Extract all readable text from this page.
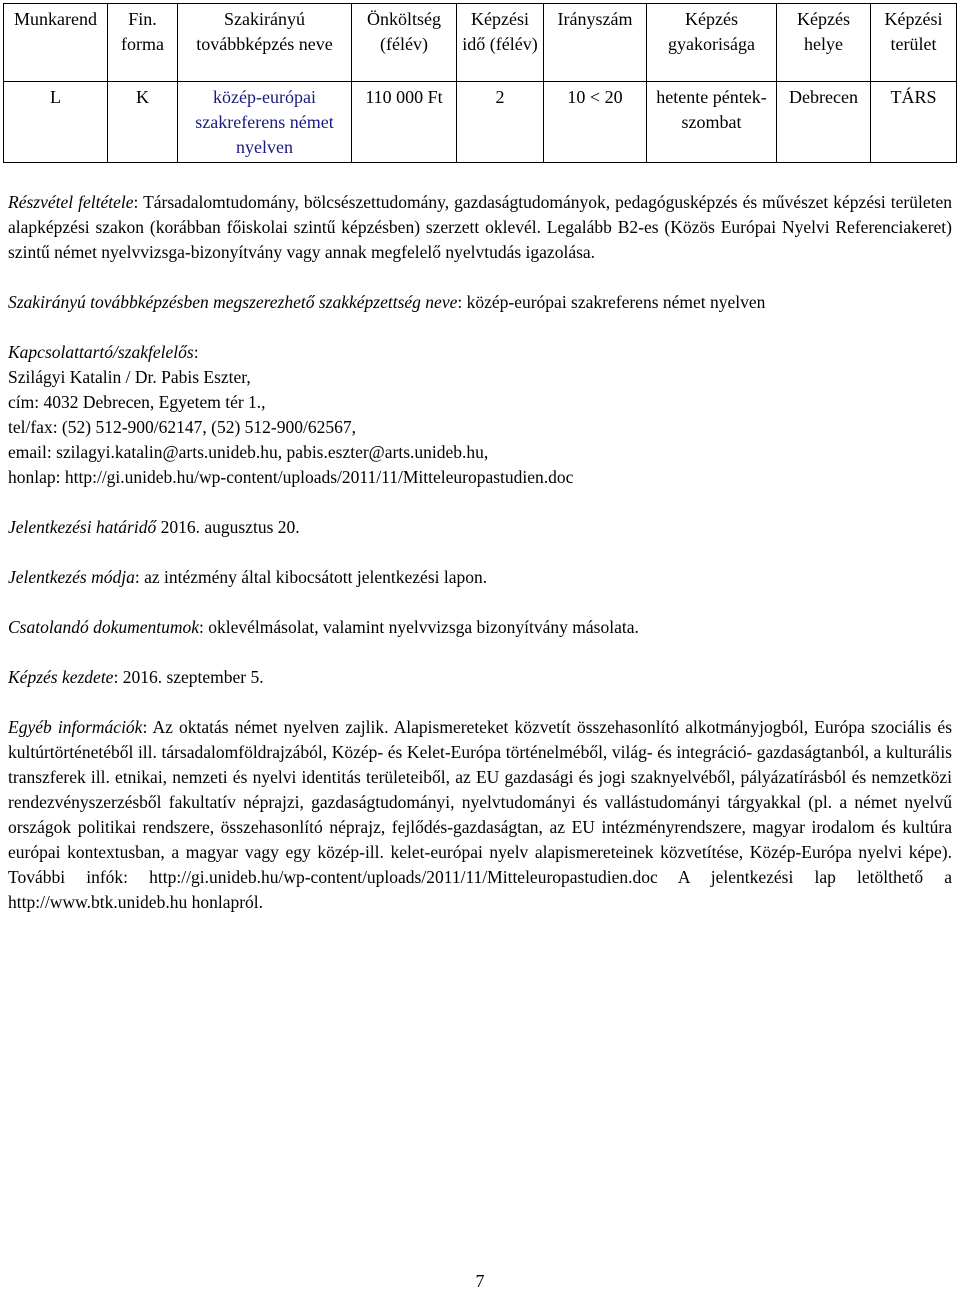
Munkarend	Fin. forma	Szakirányú továbbképzés neve	Önköltség (félév)	Képzési idő (félév)	Irányszám	Képzés gyakorisága	Képzés helye	Képzési terület
L	K	közép-európai szakreferens német nyelven	110 000 Ft	2	10 < 20	hetente péntek-szombat	Debrecen	TÁRS

Részvétel feltétele: Társadalomtudomány, bölcsészettudomány, gazdaságtudományok, pedagógusképzés és művészet képzési területen alapképzési szakon (korábban főiskolai szintű képzésben) szerzett oklevél. Legalább B2-es (Közös Európai Nyelvi Referenciakeret) szintű német nyelvvizsga-bizonyítvány vagy annak megfelelő nyelvtudás igazolása.

Szakirányú továbbképzésben megszerezhető szakképzettség neve: közép-európai szakreferens német nyelven

Kapcsolattartó/szakfelelős:

Szilágyi Katalin / Dr. Pabis Eszter,

cím: 4032 Debrecen, Egyetem tér 1.,

tel/fax: (52) 512-900/62147, (52) 512-900/62567,

email: szilagyi.katalin@arts.unideb.hu, pabis.eszter@arts.unideb.hu,

honlap: http://gi.unideb.hu/wp-content/uploads/2011/11/Mitteleuropastudien.doc

Jelentkezési határidő 2016. augusztus 20.

Jelentkezés módja: az intézmény által kibocsátott jelentkezési lapon.

Csatolandó dokumentumok: oklevélmásolat, valamint nyelvvizsga bizonyítvány másolata.

Képzés kezdete: 2016. szeptember 5.

Egyéb információk: Az oktatás német nyelven zajlik. Alapismereteket közvetít összehasonlító alkotmányjogból, Európa szociális és kultúrtörténetéből ill. társadalomföldrajzából, Közép- és Kelet-Európa történelméből, világ- és integráció- gazdaságtanból, a kulturális transzferek ill. etnikai, nemzeti és nyelvi identitás területeiből, az EU gazdasági és jogi szaknyelvéből, pályázatírásból és nemzetközi rendezvényszerzésből fakultatív néprajzi, gazdaságtudományi, nyelvtudományi és vallástudományi tárgyakkal (pl. a német nyelvű országok politikai rendszere, összehasonlító néprajz, fejlődés-gazdaságtan, az EU intézményrendszere, magyar irodalom és kultúra európai kontextusban, a magyar vagy egy közép-ill. kelet-európai nyelv alapismereteinek közvetítése, Közép-Európa nyelvi képe). További infók: http://gi.unideb.hu/wp-content/uploads/2011/11/Mitteleuropastudien.doc A jelentkezési lap letölthető a http://www.btk.unideb.hu honlapról.

7
